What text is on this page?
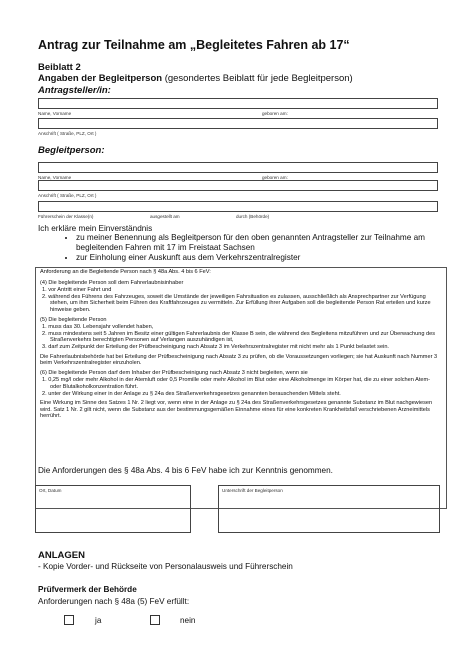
Antrag zur Teilnahme am „Begleitetes Fahren ab 17“
Beiblatt 2
Angaben der Begleitperson (gesondertes Beiblatt für jede Begleitperson)
Antragsteller/in:
Name, Vorname	geboren am:
Anschrift ( Straße, PLZ, Ort )
Begleitperson:
Name, Vorname	geboren am:
Anschrift ( Straße, PLZ, Ort )
Führerschein der Klasse(n)	ausgestellt am	durch (Behörde)
Ich erkläre mein Einverständnis
• zu meiner Benennung als Begleitperson für den oben genannten Antragsteller zur Teilnahme am begleitenden Fahren mit 17 im Freistaat Sachsen
• zur Einholung einer Auskunft aus dem Verkehrszentralregister

Anforderung an die Begleitende Person nach § 48a Abs. 4 bis 6 FeV:

(4) Die begleitende Person soll dem Fahrerlaubnisinhaber

1. vor Antritt einer Fahrt und

2. während des Führens des Fahrzeuges, soweit die Umstände der jeweiligen Fahrsituation es zulassen, ausschließlich als Ansprechpartner zur Verfügung stehen, um ihm Sicherheit beim Führen des Kraftfahrzeuges zu vermitteln. Zur Erfüllung ihrer Aufgaben soll die begleitende Person Rat erteilen und kurze hinweise geben.

(5) Die begleitende Person

1. muss das 30. Lebensjahr vollendet haben,

2. muss mindestens seit 5 Jahren im Besitz einer gültigen Fahrerlaubnis der Klasse B sein, die während des Begleitens mitzuführen und zur Überwachung des Straßenverkehrs berechtigten Personen auf Verlangen auszuhändigen ist,

3. darf zum Zeitpunkt der Erteilung der Prüfbescheinigung nach Absatz 3 im Verkehrszentralregister mit nicht mehr als 1 Punkt belastet sein.

Die Fahrerlaubnisbehörde hat bei Erteilung der Prüfbescheinigung nach Absatz 3 zu prüfen, ob die Voraussetzungen vorliegen; sie hat Auskunft nach Nummer 3 beim Verkehrszentralregister einzuholen.

(6) Die begleitende Person darf dem Inhaber der Prüfbescheinigung nach Absatz 3 nicht begleiten, wenn sie

1. 0,25 mg/l oder mehr Alkohol in der Atemluft oder 0,5 Promille oder mehr Alkohol im Blut oder eine Alkoholmenge im Körper hat, die zu einer solchen Atem- oder Blutalkoholkonzentration führt.

2. unter der Wirkung einer in der Anlage zu § 24a des Straßenverkehrsgesetzes genannten berauschenden Mittels steht.

Eine Wirkung im Sinne des Satzes 1 Nr. 2 liegt vor, wenn eine in der Anlage zu § 24a des Straßenverkehrsgesetzes genannte Substanz im Blut nachgewiesen wird. Satz 1 Nr. 2 gilt nicht, wenn die Substanz aus der bestimmungsgemäßen Einnahme eines für eine konkreten Krankheitsfall verschriebenen Arzneimittels herrührt.

Die Anforderungen des § 48a Abs. 4 bis 6 FeV habe ich zur Kenntnis genommen.
Ort, Datum	Unterschrift der Begleitperson
ANLAGEN
- Kopie Vorder- und Rückseite von Personalausweis und Führerschein
Prüfvermerk der Behörde
Anforderungen nach § 48a (5) FeV erfüllt:
ja	nein
